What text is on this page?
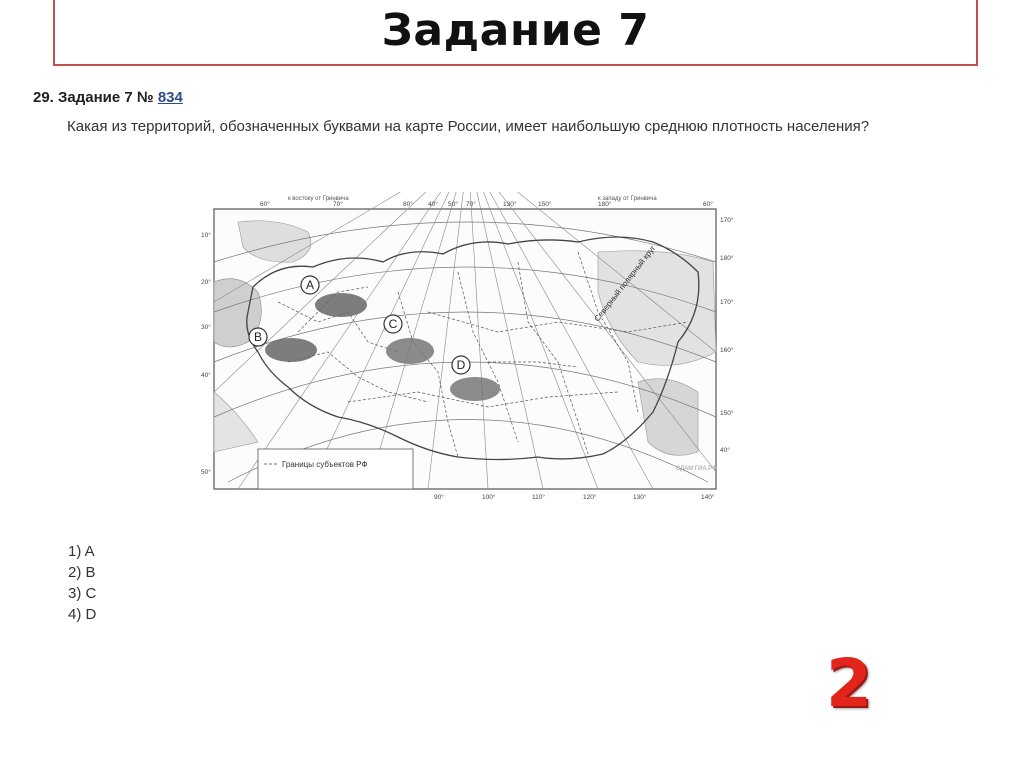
Задание 7
29. Задание 7 № 834
Какая из территорий, обозначенных буквами на карте России, имеет наибольшую среднюю плотность населения?
A
B
C
D
Северный полярный круг
к востоку от Гринвича	к западу от Гринвича
60°	70°	80° 40° 50° 70°	130°	150°	180°	60°
10°
20°
30°
40°
50°
170°
180°
170°
160°
150°
40°
90°	100°	110°	120°	130°	140°
Границы субъектов РФ	СДАМ ГИА.РФ
1) A
2) B
3) C
4) D
2
